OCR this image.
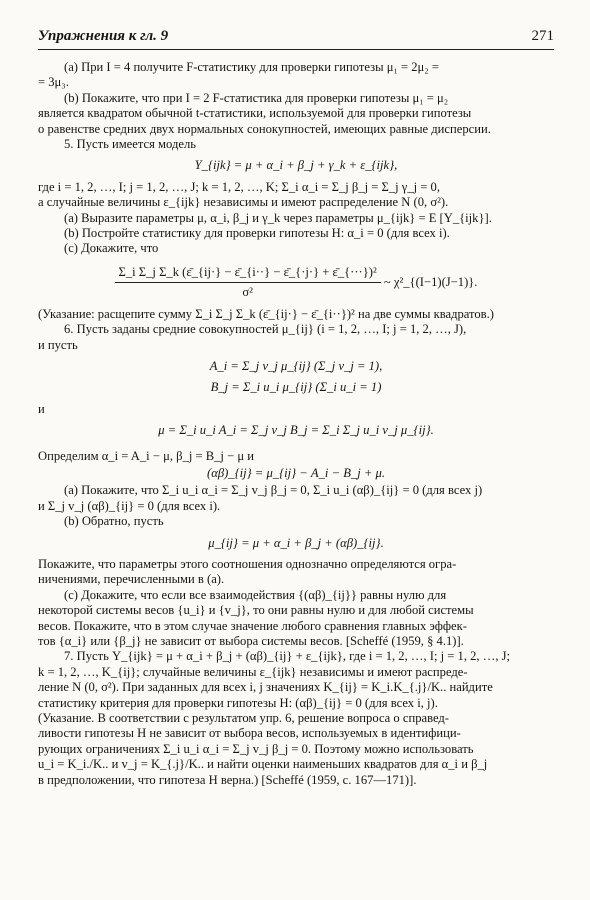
Упражнения к гл. 9	271

(a) При I = 4 получите F-статистику для проверки гипотезы μ₁ = 2μ₂ =

= 3μ₃.

(b) Покажите, что при I = 2 F-статистика для проверки гипотезы μ₁ = μ₂

является квадратом обычной t-статистики, используемой для проверки гипотезы

о равенстве средних двух нормальных сонокупностей, имеющих равные дисперсии.

5. Пусть имеется модель

Y_{ijk} = μ + α_i + β_j + γ_k + ε_{ijk},

где i = 1, 2, …, I; j = 1, 2, …, J; k = 1, 2, …, K; Σ_i α_i = Σ_j β_j = Σ_j γ_j = 0,

а случайные величины ε_{ijk} независимы и имеют распределение N (0, σ²).

(a) Выразите параметры μ, α_i, β_j и γ_k через параметры μ_{ijk} = E [Y_{ijk}].

(b) Постройте статистику для проверки гипотезы H: α_i = 0 (для всех i).

(c) Докажите, что

$\frac{\text{Σ\_i Σ\_j Σ\_k (ε̄\_\{ij·\} − ε̄\_\{i··\} − ε̄\_\{·j·\} + ε̄\_\{···\})²}}{\text{σ²}}$ ~ χ²_{(I−1)(J−1)}.

(Указание: расщепите сумму Σ_i Σ_j Σ_k (ε̄_{ij·} − ε̄_{i··})² на две суммы квадратов.)

6. Пусть заданы средние совокупностей μ_{ij} (i = 1, 2, …, I; j = 1, 2, …, J),

и пусть

A_i = Σ_j v_j μ_{ij} (Σ_j v_j = 1),

B_j = Σ_i u_i μ_{ij} (Σ_i u_i = 1)

и

μ = Σ_i u_i A_i = Σ_j v_j B_j = Σ_i Σ_j u_i v_j μ_{ij}.

Определим α_i = A_i − μ, β_j = B_j − μ и

(αβ)_{ij} = μ_{ij} − A_i − B_j + μ.

(a) Покажите, что Σ_i u_i α_i = Σ_j v_j β_j = 0, Σ_i u_i (αβ)_{ij} = 0 (для всех j)

и Σ_j v_j (αβ)_{ij} = 0 (для всех i).

(b) Обратно, пусть

μ_{ij} = μ + α_i + β_j + (αβ)_{ij}.

Покажите, что параметры этого соотношения однозначно определяются огра-

ничениями, перечисленными в (a).

(c) Докажите, что если все взаимодействия {(αβ)_{ij}} равны нулю для

некоторой системы весов {u_i} и {v_j}, то они равны нулю и для любой системы

весов. Покажите, что в этом случае значение любого сравнения главных эффек-

тов {α_i} или {β_j} не зависит от выбора системы весов. [Scheffé (1959, § 4.1)].

7. Пусть Y_{ijk} = μ + α_i + β_j + (αβ)_{ij} + ε_{ijk}, где i = 1, 2, …, I; j = 1, 2, …, J;

k = 1, 2, …, K_{ij}; случайные величины ε_{ijk} независимы и имеют распреде-

ление N (0, σ²). При заданных для всех i, j значениях K_{ij} = K_i.K_{.j}/K.. найдите

статистику критерия для проверки гипотезы H: (αβ)_{ij} = 0 (для всех i, j).

(Указание. В соответствии с результатом упр. 6, решение вопроса о справед-

ливости гипотезы H не зависит от выбора весов, используемых в идентифици-

рующих ограничениях Σ_i u_i α_i = Σ_j v_j β_j = 0. Поэтому можно использовать

u_i = K_i./K.. и v_j = K_{.j}/K.. и найти оценки наименьших квадратов для α_i и β_j

в предположении, что гипотеза H верна.) [Scheffé (1959, c. 167—171)].
